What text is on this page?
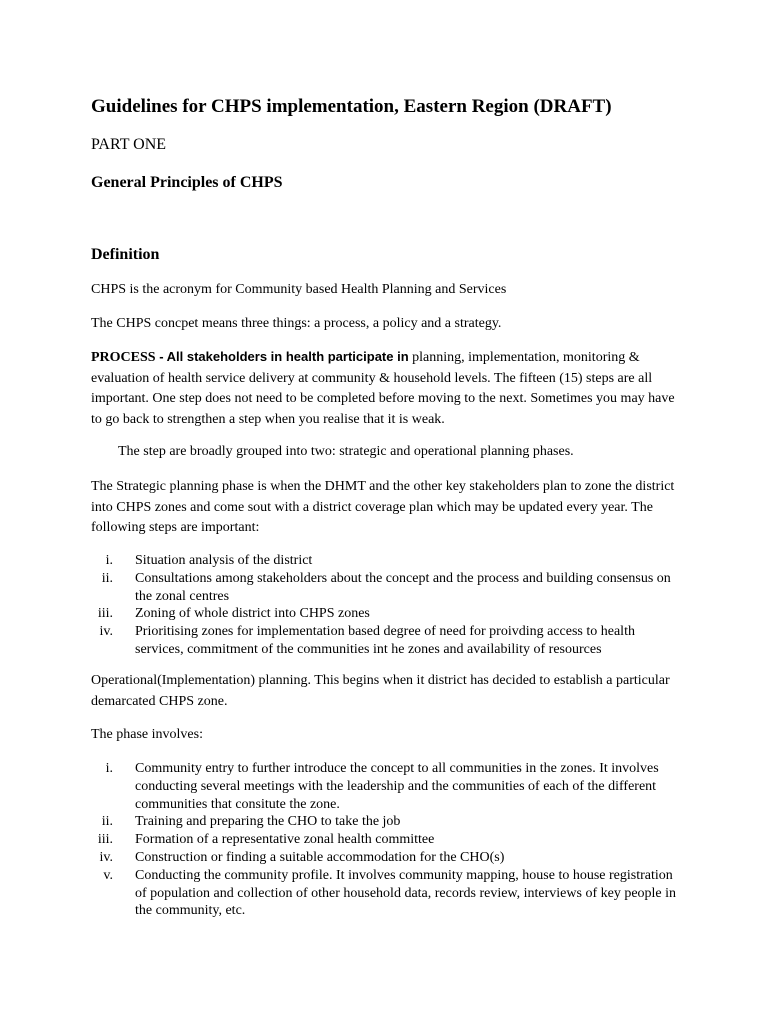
Guidelines for CHPS implementation, Eastern Region (DRAFT)
PART ONE
General Principles of CHPS
Definition

CHPS is the acronym for Community based Health Planning and Services

The CHPS concpet means three things: a process, a policy and a strategy.

PROCESS - All stakeholders in health participate in planning, implementation, monitoring & evaluation of health service delivery at community & household levels. The fifteen (15) steps are all important. One step does not need to be completed before moving to the next. Sometimes you may have to go back to strengthen a step when you realise that it is weak.

The step are broadly grouped into two: strategic and operational planning phases.

The Strategic planning phase is when the DHMT and the other key stakeholders plan to zone the district into CHPS zones and come sout with a district coverage plan which may be updated every year. The following steps are important:

i. Situation analysis of the district
ii. Consultations among stakeholders about the concept and the process and building consensus on the zonal centres
iii. Zoning of whole district into CHPS zones
iv. Prioritising zones for implementation based degree of need for proivding access to health services, commitment of the communities int he zones and availability of resources

Operational(Implementation) planning. This begins when it district has decided to establish a particular demarcated CHPS zone.

The phase involves:

i. Community entry to further introduce the concept to all communities in the zones. It involves conducting several meetings with the leadership and the communities of each of the different communities that consitute the zone.
ii. Training and preparing the CHO to take the job
iii. Formation of a representative zonal health committee
iv. Construction or finding a suitable accommodation for the CHO(s)
v. Conducting the community profile. It involves community mapping, house to house registration of population and collection of other household data, records review, interviews of key people in the community, etc.
